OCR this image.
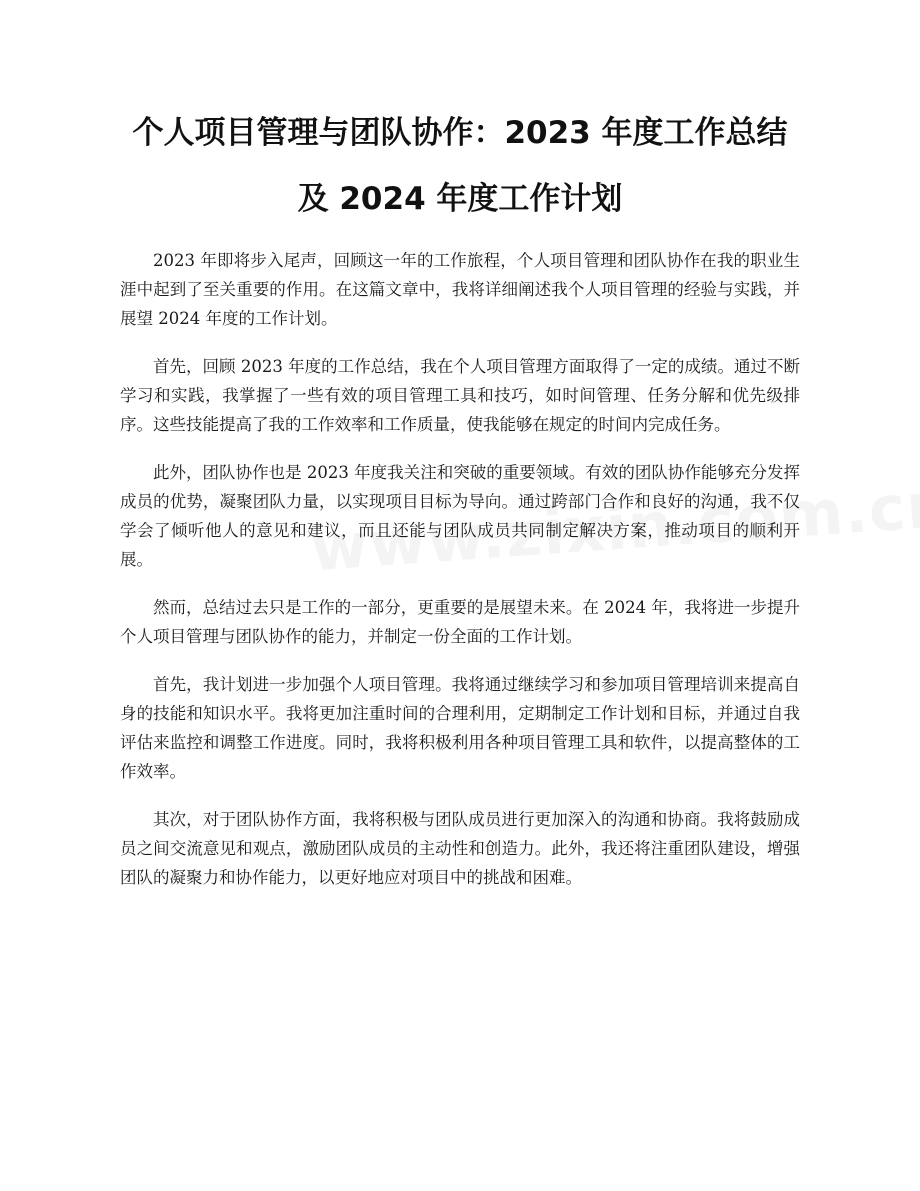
个人项目管理与团队协作：2023 年度工作总结及 2024 年度工作计划

2023 年即将步入尾声，回顾这一年的工作旅程，个人项目管理和团队协作在我的职业生涯中起到了至关重要的作用。在这篇文章中，我将详细阐述我个人项目管理的经验与实践，并展望 2024 年度的工作计划。

首先，回顾 2023 年度的工作总结，我在个人项目管理方面取得了一定的成绩。通过不断学习和实践，我掌握了一些有效的项目管理工具和技巧，如时间管理、任务分解和优先级排序。这些技能提高了我的工作效率和工作质量，使我能够在规定的时间内完成任务。

此外，团队协作也是 2023 年度我关注和突破的重要领域。有效的团队协作能够充分发挥成员的优势，凝聚团队力量，以实现项目目标为导向。通过跨部门合作和良好的沟通，我不仅学会了倾听他人的意见和建议，而且还能与团队成员共同制定解决方案，推动项目的顺利开展。

然而，总结过去只是工作的一部分，更重要的是展望未来。在 2024 年，我将进一步提升个人项目管理与团队协作的能力，并制定一份全面的工作计划。

首先，我计划进一步加强个人项目管理。我将通过继续学习和参加项目管理培训来提高自身的技能和知识水平。我将更加注重时间的合理利用，定期制定工作计划和目标，并通过自我评估来监控和调整工作进度。同时，我将积极利用各种项目管理工具和软件，以提高整体的工作效率。

其次，对于团队协作方面，我将积极与团队成员进行更加深入的沟通和协商。我将鼓励成员之间交流意见和观点，激励团队成员的主动性和创造力。此外，我还将注重团队建设，增强团队的凝聚力和协作能力，以更好地应对项目中的挑战和困难。
